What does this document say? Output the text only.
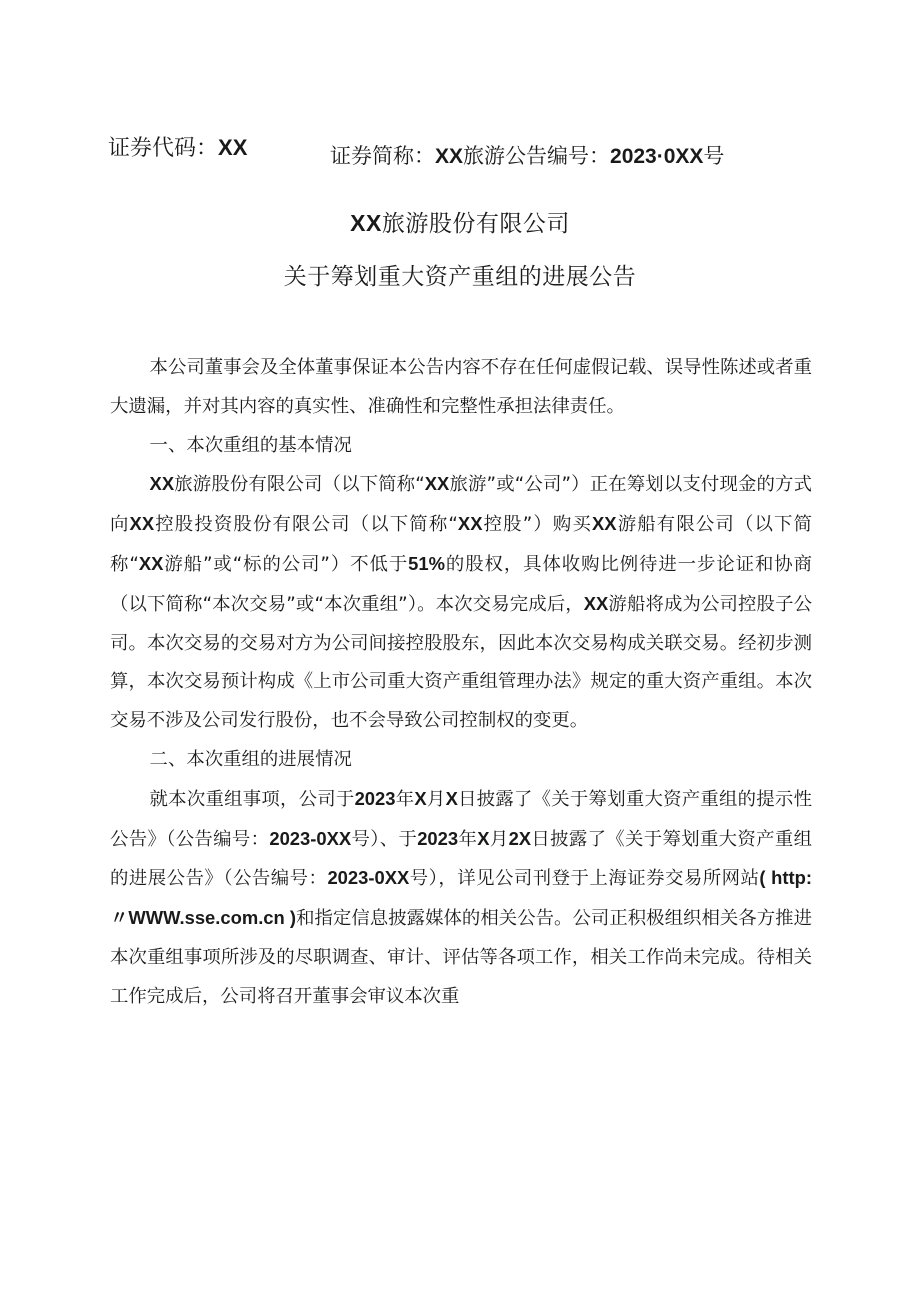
证券代码：XX	证券简称：XX旅游公告编号：2023·0XX号
XX旅游股份有限公司
关于筹划重大资产重组的进展公告

本公司董事会及全体董事保证本公告内容不存在任何虚假记载、误导性陈述或者重大遗漏，并对其内容的真实性、准确性和完整性承担法律责任。

一、本次重组的基本情况

XX旅游股份有限公司（以下简称“XX旅游”或“公司”）正在筹划以支付现金的方式向XX控股投资股份有限公司（以下简称“XX控股”）购买XX游船有限公司（以下简称“XX游船”或“标的公司”）不低于51%的股权，具体收购比例待进一步论证和协商（以下简称“本次交易”或“本次重组”）。本次交易完成后，XX游船将成为公司控股子公司。本次交易的交易对方为公司间接控股股东，因此本次交易构成关联交易。经初步测算，本次交易预计构成《上市公司重大资产重组管理办法》规定的重大资产重组。本次交易不涉及公司发行股份，也不会导致公司控制权的变更。

二、本次重组的进展情况

就本次重组事项，公司于2023年X月X日披露了《关于筹划重大资产重组的提示性公告》（公告编号：2023-0XX号）、于2023年X月2X日披露了《关于筹划重大资产重组的进展公告》（公告编号：2023-0XX号），详见公司刊登于上海证券交易所网站( http:〃WWW.sse.com.cn )和指定信息披露媒体的相关公告。公司正积极组织相关各方推进本次重组事项所涉及的尽职调查、审计、评估等各项工作，相关工作尚未完成。待相关工作完成后，公司将召开董事会审议本次重
